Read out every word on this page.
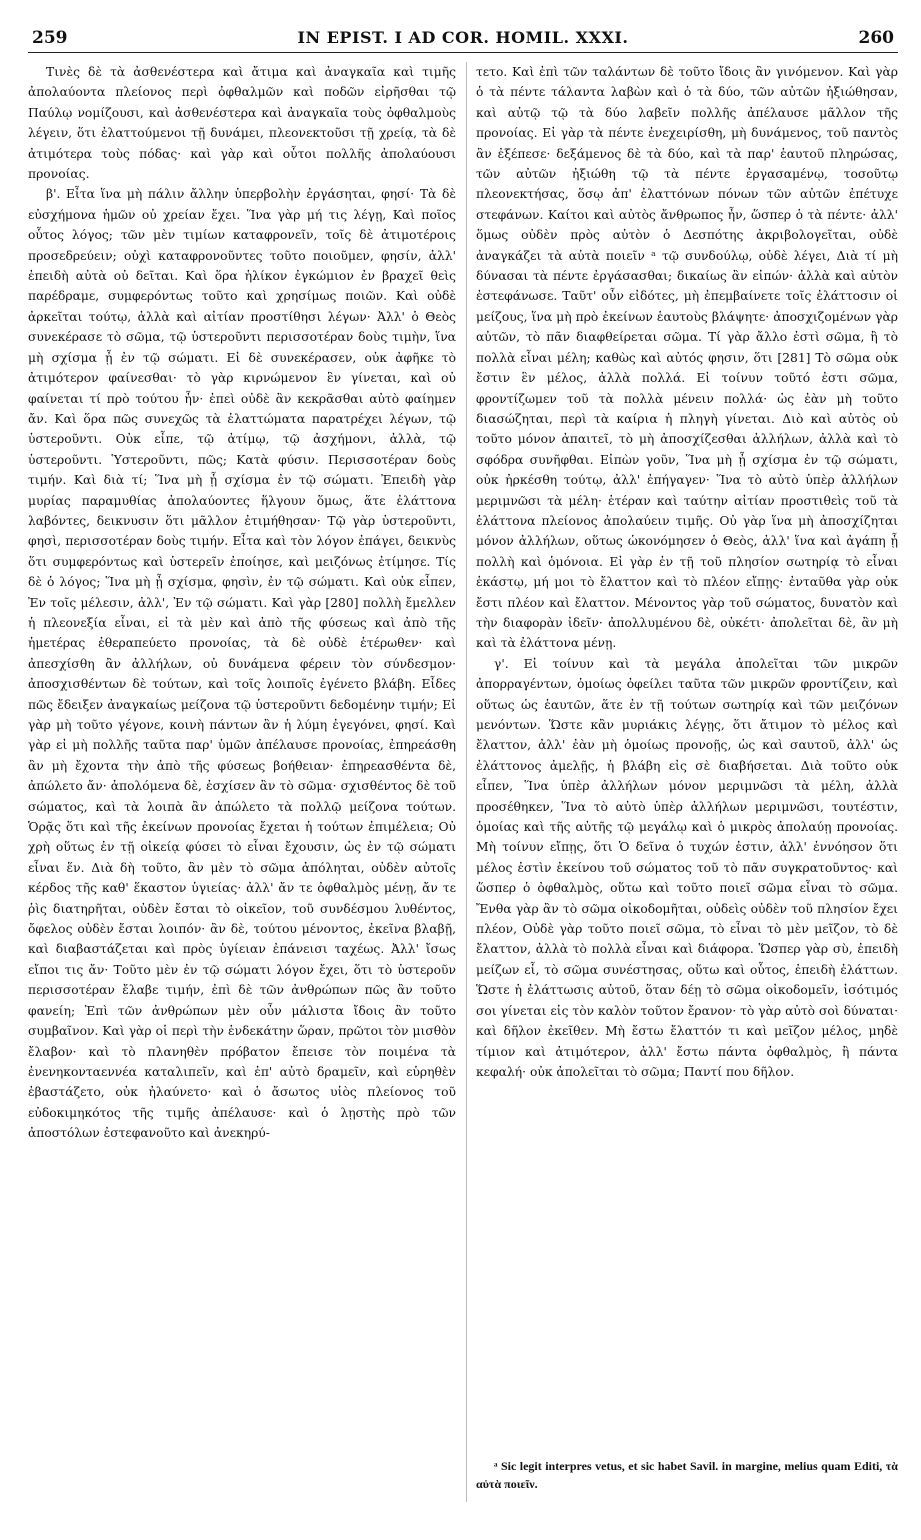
259	IN EPIST. I AD COR. HOMIL. XXXI.	260

Τινὲς δὲ τὰ ἀσθενέστερα καὶ ἄτιμα καὶ ἀναγκαῖα καὶ τιμῆς ἀπολαύοντα πλείονος περὶ ὀφθαλμῶν καὶ ποδῶν εἰρῆσθαι τῷ Παύλῳ νομίζουσι, καὶ ἀσθενέστερα καὶ ἀναγκαῖα τοὺς ὀφθαλμοὺς λέγειν, ὅτι ἐλαττούμενοι τῇ δυνάμει, πλεονεκτοῦσι τῇ χρείᾳ, τὰ δὲ ἀτιμότερα τοὺς πόδας· καὶ γὰρ καὶ οὗτοι πολλῆς ἀπολαύουσι προνοίας.

β'. Εἶτα ἵνα μὴ πάλιν ἄλλην ὑπερβολὴν ἐργάσηται, φησί· Τὰ δὲ εὐσχήμονα ἡμῶν οὐ χρείαν ἔχει. Ἵνα γὰρ μή τις λέγῃ, Καὶ ποῖος οὗτος λόγος; τῶν μὲν τιμίων καταφρονεῖν, τοῖς δὲ ἀτιμοτέροις προσεδρεύειν; οὐχὶ καταφρονοῦντες τοῦτο ποιοῦμεν, φησίν, ἀλλ' ἐπειδὴ αὐτὰ οὐ δεῖται. Καὶ ὅρα ἡλίκον ἐγκώμιον ἐν βραχεῖ θεὶς παρέδραμε, συμφερόντως τοῦτο καὶ χρησίμως ποιῶν. Καὶ οὐδὲ ἀρκεῖται τούτῳ, ἀλλὰ καὶ αἰτίαν προστίθησι λέγων· Ἀλλ' ὁ Θεὸς συνεκέρασε τὸ σῶμα, τῷ ὑστεροῦντι περισσοτέραν δοὺς τιμὴν, ἵνα μὴ σχίσμα ᾖ ἐν τῷ σώματι. Εἰ δὲ συνεκέρασεν, οὐκ ἀφῆκε τὸ ἀτιμότερον φαίνεσθαι· τὸ γὰρ κιρνώμενον ἓν γίνεται, καὶ οὐ φαίνεται τί πρὸ τούτου ἦν· ἐπεὶ οὐδὲ ἂν κεκρᾶσθαι αὐτὸ φαίημεν ἄν. Καὶ ὅρα πῶς συνεχῶς τὰ ἐλαττώματα παρατρέχει λέγων, τῷ ὑστεροῦντι. Οὐκ εἶπε, τῷ ἀτίμῳ, τῷ ἀσχήμονι, ἀλλὰ, τῷ ὑστεροῦντι. Ὑστεροῦντι, πῶς; Κατὰ φύσιν. Περισσοτέραν δοὺς τιμήν. Καὶ διὰ τί; Ἵνα μὴ ᾖ σχίσμα ἐν τῷ σώματι. Ἐπειδὴ γὰρ μυρίας παραμυθίας ἀπολαύοντες ἥλγουν ὅμως, ἅτε ἐλάττονα λαβόντες, δεικνυσιν ὅτι μᾶλλον ἐτιμήθησαν· Τῷ γὰρ ὑστεροῦντι, φησὶ, περισσοτέραν δοὺς τιμήν. Εἶτα καὶ τὸν λόγον ἐπάγει, δεικνὺς ὅτι συμφερόντως καὶ ὑστερεῖν ἐποίησε, καὶ μειζόνως ἐτίμησε. Τίς δὲ ὁ λόγος; Ἵνα μὴ ᾖ σχίσμα, φησὶν, ἐν τῷ σώματι. Καὶ οὐκ εἶπεν, Ἐν τοῖς μέλεσιν, ἀλλ', Ἐν τῷ σώματι. Καὶ γὰρ [280] πολλὴ ἔμελλεν ἡ πλεονεξία εἶναι, εἰ τὰ μὲν καὶ ἀπὸ τῆς φύσεως καὶ ἀπὸ τῆς ἡμετέρας ἐθεραπεύετο προνοίας, τὰ δὲ οὐδὲ ἑτέρωθεν· καὶ ἀπεσχίσθη ἂν ἀλλήλων, οὐ δυνάμενα φέρειν τὸν σύνδεσμον· ἀποσχισθέντων δὲ τούτων, καὶ τοῖς λοιποῖς ἐγένετο βλάβη. Εἶδες πῶς ἔδειξεν ἀναγκαίως μείζονα τῷ ὑστεροῦντι δεδομένην τιμήν; Εἰ γὰρ μὴ τοῦτο γέγονε, κοινὴ πάντων ἂν ἡ λύμη ἐγεγόνει, φησί. Καὶ γὰρ εἰ μὴ πολλῆς ταῦτα παρ' ὑμῶν ἀπέλαυσε προνοίας, ἐπηρεάσθη ἂν μὴ ἔχοντα τὴν ἀπὸ τῆς φύσεως βοήθειαν· ἐπηρεασθέντα δὲ, ἀπώλετο ἄν· ἀπολόμενα δὲ, ἐσχίσεν ἂν τὸ σῶμα· σχισθέντος δὲ τοῦ σώματος, καὶ τὰ λοιπὰ ἂν ἀπώλετο τὰ πολλῷ μείζονα τούτων. Ὁρᾷς ὅτι καὶ τῆς ἐκείνων προνοίας ἔχεται ἡ τούτων ἐπιμέλεια; Οὐ χρὴ οὕτως ἐν τῇ οἰκείᾳ φύσει τὸ εἶναι ἔχουσιν, ὡς ἐν τῷ σώματι εἶναι ἕν. Διὰ δὴ τοῦτο, ἂν μὲν τὸ σῶμα ἀπόληται, οὐδὲν αὐτοῖς κέρδος τῆς καθ' ἕκαστον ὑγιείας· ἀλλ' ἄν τε ὀφθαλμὸς μένῃ, ἄν τε ῥὶς διατηρῆται, οὐδὲν ἔσται τὸ οἰκεῖον, τοῦ συνδέσμου λυθέντος, ὄφελος οὐδὲν ἔσται λοιπόν· ἂν δὲ, τούτου μένοντος, ἐκεῖνα βλαβῇ, καὶ διαβαστάζεται καὶ πρὸς ὑγίειαν ἐπάνεισι ταχέως. Ἀλλ' ἴσως εἴποι τις ἄν· Τοῦτο μὲν ἐν τῷ σώματι λόγον ἔχει, ὅτι τὸ ὑστεροῦν περισσοτέραν ἔλαβε τιμήν, ἐπὶ δὲ τῶν ἀνθρώπων πῶς ἂν τοῦτο φανείη; Ἐπὶ τῶν ἀνθρώπων μὲν οὖν μάλιστα ἴδοις ἂν τοῦτο συμβαῖνον. Καὶ γὰρ οἱ περὶ τὴν ἑνδεκάτην ὥραν, πρῶτοι τὸν μισθὸν ἔλαβον· καὶ τὸ πλανηθὲν πρόβατον ἔπεισε τὸν ποιμένα τὰ ἐνενηκονταεννέα καταλιπεῖν, καὶ ἐπ' αὐτὸ δραμεῖν, καὶ εὑρηθὲν ἐβαστάζετο, οὐκ ἠλαύνετο· καὶ ὁ ἄσωτος υἱὸς πλείονος τοῦ εὐδοκιμηκότος τῆς τιμῆς ἀπέλαυσε· καὶ ὁ λῃστὴς πρὸ τῶν ἀποστόλων ἐστεφανοῦτο καὶ ἀνεκηρύ-

τετο. Καὶ ἐπὶ τῶν ταλάντων δὲ τοῦτο ἴδοις ἂν γινόμενον. Καὶ γὰρ ὁ τὰ πέντε τάλαντα λαβὼν καὶ ὁ τὰ δύο, τῶν αὐτῶν ἠξιώθησαν, καὶ αὐτῷ τῷ τὰ δύο λαβεῖν πολλῆς ἀπέλαυσε μᾶλλον τῆς προνοίας. Εἰ γὰρ τὰ πέντε ἐνεχειρίσθη, μὴ δυνάμενος, τοῦ παντὸς ἂν ἐξέπεσε· δεξάμενος δὲ τὰ δύο, καὶ τὰ παρ' ἑαυτοῦ πληρώσας, τῶν αὐτῶν ἠξιώθη τῷ τὰ πέντε ἐργασαμένῳ, τοσοῦτῳ πλεονεκτήσας, ὅσῳ ἀπ' ἐλαττόνων πόνων τῶν αὐτῶν ἐπέτυχε στεφάνων. Καίτοι καὶ αὐτὸς ἄνθρωπος ἦν, ὥσπερ ὁ τὰ πέντε· ἀλλ' ὅμως οὐδὲν πρὸς αὐτὸν ὁ Δεσπότης ἀκριβολογεῖται, οὐδὲ ἀναγκάζει τὰ αὐτὰ ποιεῖν ᵃ τῷ συνδούλῳ, οὐδὲ λέγει, Διὰ τί μὴ δύνασαι τὰ πέντε ἐργάσασθαι; δικαίως ἂν εἰπών· ἀλλὰ καὶ αὐτὸν ἐστεφάνωσε. Ταῦτ' οὖν εἰδότες, μὴ ἐπεμβαίνετε τοῖς ἐλάττοσιν οἱ μείζους, ἵνα μὴ πρὸ ἐκείνων ἑαυτοὺς βλάψητε· ἀποσχιζομένων γὰρ αὐτῶν, τὸ πᾶν διαφθείρεται σῶμα. Τί γὰρ ἄλλο ἐστὶ σῶμα, ἢ τὸ πολλὰ εἶναι μέλη; καθὼς καὶ αὐτός φησιν, ὅτι [281] Τὸ σῶμα οὐκ ἔστιν ἓν μέλος, ἀλλὰ πολλά. Εἰ τοίνυν τοῦτό ἐστι σῶμα, φροντίζωμεν τοῦ τὰ πολλὰ μένειν πολλά· ὡς ἐὰν μὴ τοῦτο διασώζηται, περὶ τὰ καίρια ἡ πληγὴ γίνεται. Διὸ καὶ αὐτὸς οὐ τοῦτο μόνον ἀπαιτεῖ, τὸ μὴ ἀποσχίζεσθαι ἀλλήλων, ἀλλὰ καὶ τὸ σφόδρα συνῆφθαι. Εἰπὼν γοῦν, Ἵνα μὴ ᾖ σχίσμα ἐν τῷ σώματι, οὐκ ἠρκέσθη τούτῳ, ἀλλ' ἐπήγαγεν· Ἵνα τὸ αὐτὸ ὑπὲρ ἀλλήλων μεριμνῶσι τὰ μέλη· ἑτέραν καὶ ταύτην αἰτίαν προστιθεὶς τοῦ τὰ ἐλάττονα πλείονος ἀπολαύειν τιμῆς. Οὐ γὰρ ἵνα μὴ ἀποσχίζηται μόνον ἀλλήλων, οὕτως ὡκονόμησεν ὁ Θεὸς, ἀλλ' ἵνα καὶ ἀγάπη ᾖ πολλὴ καὶ ὁμόνοια. Εἰ γὰρ ἐν τῇ τοῦ πλησίον σωτηρίᾳ τὸ εἶναι ἑκάστῳ, μή μοι τὸ ἔλαττον καὶ τὸ πλέον εἴπῃς· ἐνταῦθα γὰρ οὐκ ἔστι πλέον καὶ ἔλαττον. Μένοντος γὰρ τοῦ σώματος, δυνατὸν καὶ τὴν διαφορὰν ἰδεῖν· ἀπολλυμένου δὲ, οὐκέτι· ἀπολεῖται δὲ, ἂν μὴ καὶ τὰ ἐλάττονα μένῃ.

γ'. Εἰ τοίνυν καὶ τὰ μεγάλα ἀπολεῖται τῶν μικρῶν ἀπορραγέντων, ὁμοίως ὀφείλει ταῦτα τῶν μικρῶν φροντίζειν, καὶ οὕτως ὡς ἑαυτῶν, ἅτε ἐν τῇ τούτων σωτηρίᾳ καὶ τῶν μειζόνων μενόντων. Ὥστε κἂν μυριάκις λέγῃς, ὅτι ἄτιμον τὸ μέλος καὶ ἔλαττον, ἀλλ' ἐὰν μὴ ὁμοίως προνοῇς, ὡς καὶ σαυτοῦ, ἀλλ' ὡς ἐλάττονος ἀμελῇς, ἡ βλάβη εἰς σὲ διαβήσεται. Διὰ τοῦτο οὐκ εἶπεν, Ἵνα ὑπὲρ ἀλλήλων μόνον μεριμνῶσι τὰ μέλη, ἀλλὰ προσέθηκεν, Ἵνα τὸ αὐτὸ ὑπὲρ ἀλλήλων μεριμνῶσι, τουτέστιν, ὁμοίας καὶ τῆς αὐτῆς τῷ μεγάλῳ καὶ ὁ μικρὸς ἀπολαύῃ προνοίας. Μὴ τοίνυν εἴπῃς, ὅτι Ὁ δεῖνα ὁ τυχών ἐστιν, ἀλλ' ἐννόησον ὅτι μέλος ἐστὶν ἐκείνου τοῦ σώματος τοῦ τὸ πᾶν συγκρατοῦντος· καὶ ὥσπερ ὁ ὀφθαλμὸς, οὕτω καὶ τοῦτο ποιεῖ σῶμα εἶναι τὸ σῶμα. Ἔνθα γὰρ ἂν τὸ σῶμα οἰκοδομῆται, οὐδεὶς οὐδὲν τοῦ πλησίον ἔχει πλέον, Οὐδὲ γὰρ τοῦτο ποιεῖ σῶμα, τὸ εἶναι τὸ μὲν μεῖζον, τὸ δὲ ἔλαττον, ἀλλὰ τὸ πολλὰ εἶναι καὶ διάφορα. Ὥσπερ γὰρ σὺ, ἐπειδὴ μείζων εἶ, τὸ σῶμα συνέστησας, οὕτω καὶ οὗτος, ἐπειδὴ ἐλάττων. Ὥστε ἡ ἐλάττωσις αὐτοῦ, ὅταν δέῃ τὸ σῶμα οἰκοδομεῖν, ἰσότιμός σοι γίνεται εἰς τὸν καλὸν τοῦτον ἔρανον· τὸ γὰρ αὐτὸ σοὶ δύναται· καὶ δῆλον ἐκεῖθεν. Μὴ ἔστω ἔλαττόν τι καὶ μεῖζον μέλος, μηδὲ τίμιον καὶ ἀτιμότερον, ἀλλ' ἔστω πάντα ὀφθαλμὸς, ἢ πάντα κεφαλή· οὐκ ἀπολεῖται τὸ σῶμα; Παντί που δῆλον.

ᵃ Sic legit interpres vetus, et sic habet Savil. in margine, melius quam Editi, τὰ αὐτὰ ποιεῖν.
